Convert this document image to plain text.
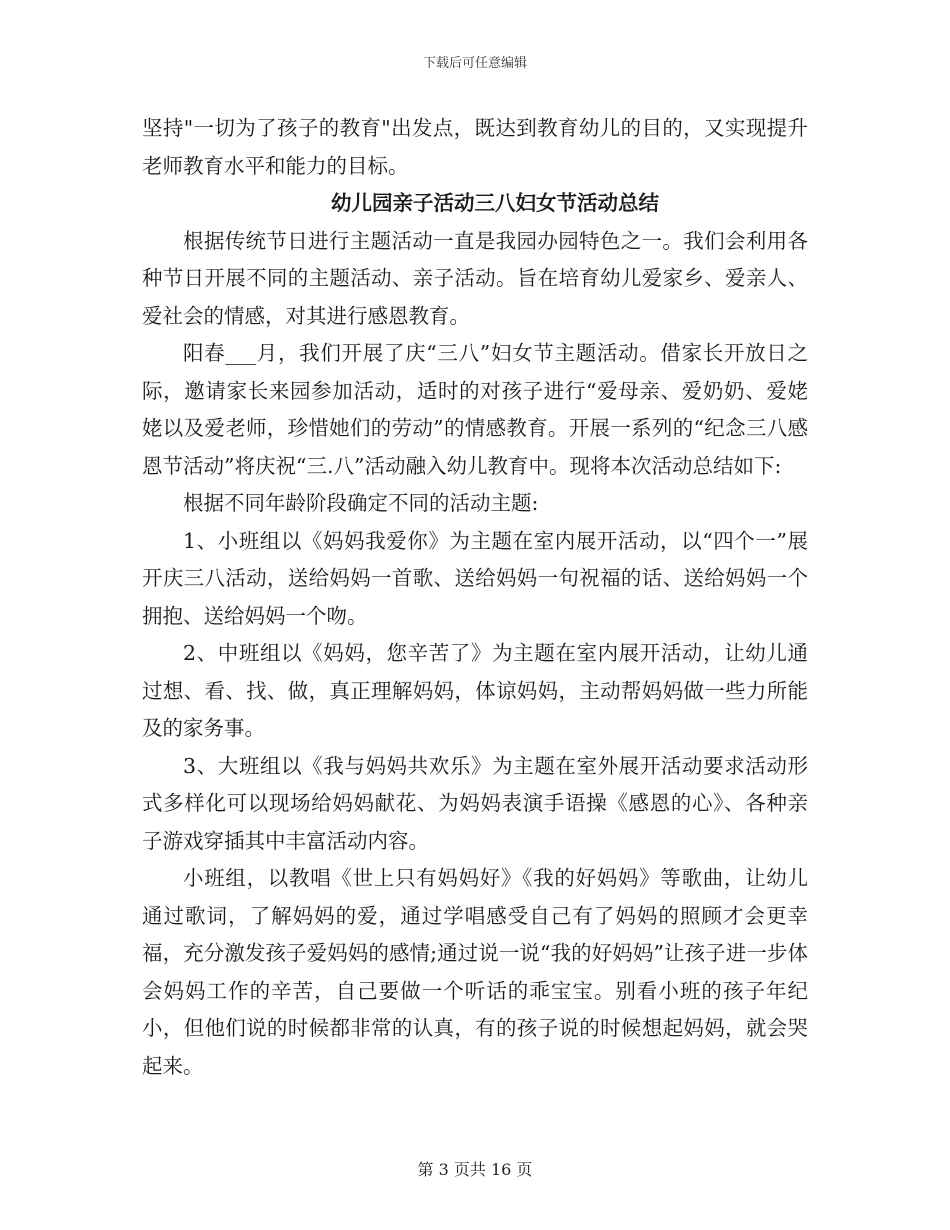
下载后可任意编辑

坚持"一切为了孩子的教育"出发点，既达到教育幼儿的目的，又实现提升老师教育水平和能力的目标。

幼儿园亲子活动三八妇女节活动总结

根据传统节日进行主题活动一直是我园办园特色之一。我们会利用各种节日开展不同的主题活动、亲子活动。旨在培育幼儿爱家乡、爱亲人、爱社会的情感，对其进行感恩教育。

阳春___月，我们开展了庆“三八”妇女节主题活动。借家长开放日之际，邀请家长来园参加活动，适时的对孩子进行“爱母亲、爱奶奶、爱姥姥以及爱老师，珍惜她们的劳动”的情感教育。开展一系列的“纪念三八感恩节活动”将庆祝“三.八”活动融入幼儿教育中。现将本次活动总结如下:

根据不同年龄阶段确定不同的活动主题:

1、小班组以《妈妈我爱你》为主题在室内展开活动，以“四个一”展开庆三八活动，送给妈妈一首歌、送给妈妈一句祝福的话、送给妈妈一个拥抱、送给妈妈一个吻。

2、中班组以《妈妈，您辛苦了》为主题在室内展开活动，让幼儿通过想、看、找、做，真正理解妈妈，体谅妈妈，主动帮妈妈做一些力所能及的家务事。

3、大班组以《我与妈妈共欢乐》为主题在室外展开活动要求活动形式多样化可以现场给妈妈献花、为妈妈表演手语操《感恩的心》、各种亲子游戏穿插其中丰富活动内容。

小班组，以教唱《世上只有妈妈好》《我的好妈妈》等歌曲，让幼儿通过歌词，了解妈妈的爱，通过学唱感受自己有了妈妈的照顾才会更幸福，充分激发孩子爱妈妈的感情;通过说一说“我的好妈妈”让孩子进一步体会妈妈工作的辛苦，自己要做一个听话的乖宝宝。别看小班的孩子年纪小，但他们说的时候都非常的认真，有的孩子说的时候想起妈妈，就会哭起来。

第 3 页共 16 页
